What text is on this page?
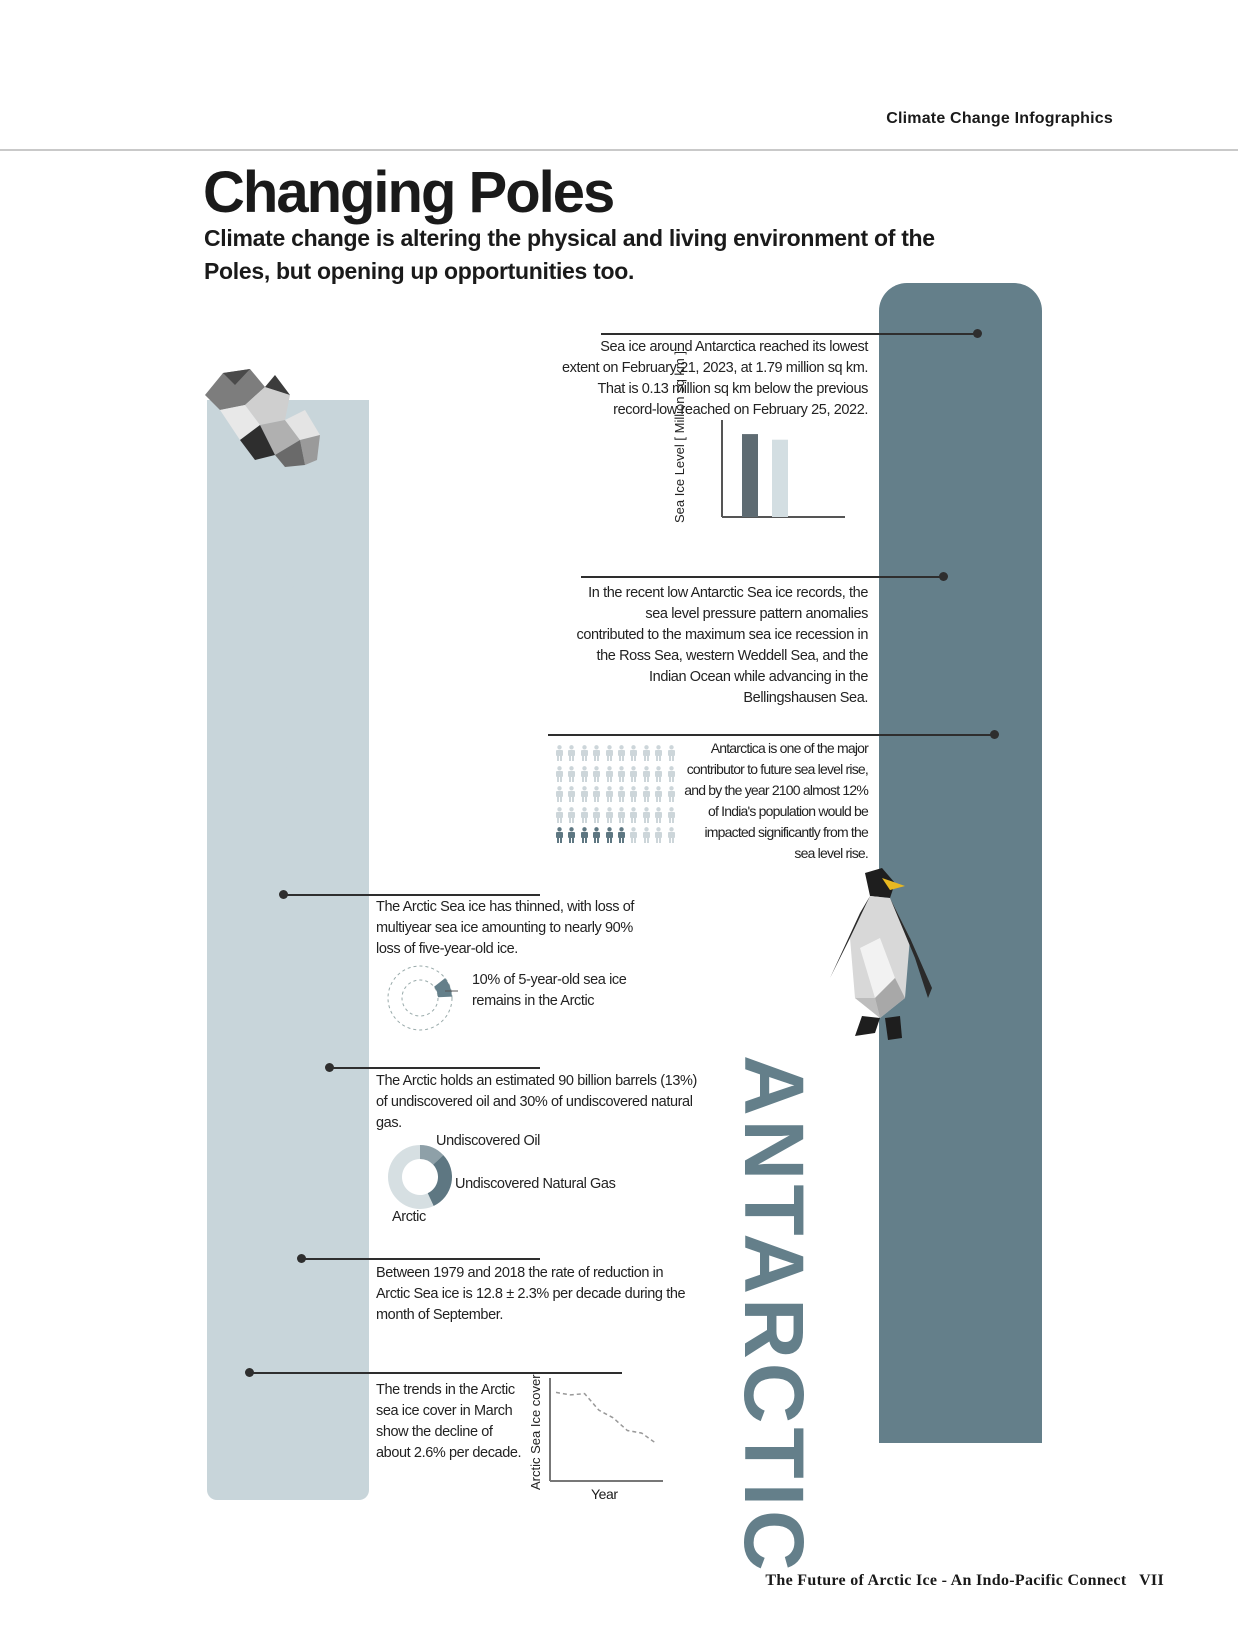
Climate Change Infographics
Changing Poles
Climate change is altering the physical and living environment of the Poles, but opening up opportunities too.
ARCTIC
ANTARCTIC
Sea ice around Antarctica reached its lowest extent on February 21, 2023, at 1.79 million sq km. That is 0.13 million sq km below the previous record-low reached on February 25, 2022.
Sea Ice Level [ Million sq km ]
In the recent low Antarctic Sea ice records, the sea level pressure pattern anomalies contributed to the maximum sea ice recession in the Ross Sea, western Weddell Sea, and the Indian Ocean while advancing in the Bellingshausen Sea.
Antarctica is one of the major contributor to future sea level rise, and by the year 2100 almost 12% of India's population would be impacted significantly from the sea level rise.
The Arctic Sea ice has thinned, with loss of multiyear sea ice amounting to nearly 90% loss of five-year-old ice.
10% of 5-year-old sea ice remains in the Arctic
The Arctic holds an estimated 90 billion barrels (13%) of undiscovered oil and 30% of undiscovered natural gas.
Undiscovered Oil
Undiscovered Natural Gas
Arctic
Between 1979 and 2018 the rate of reduction in Arctic Sea ice is 12.8 ± 2.3% per decade during the month of September.
The trends in the Arctic sea ice cover in March show the decline of about 2.6% per decade. Arctic Sea Ice cover
Year
The Future of Arctic Ice - An Indo-Pacific Connect VII
